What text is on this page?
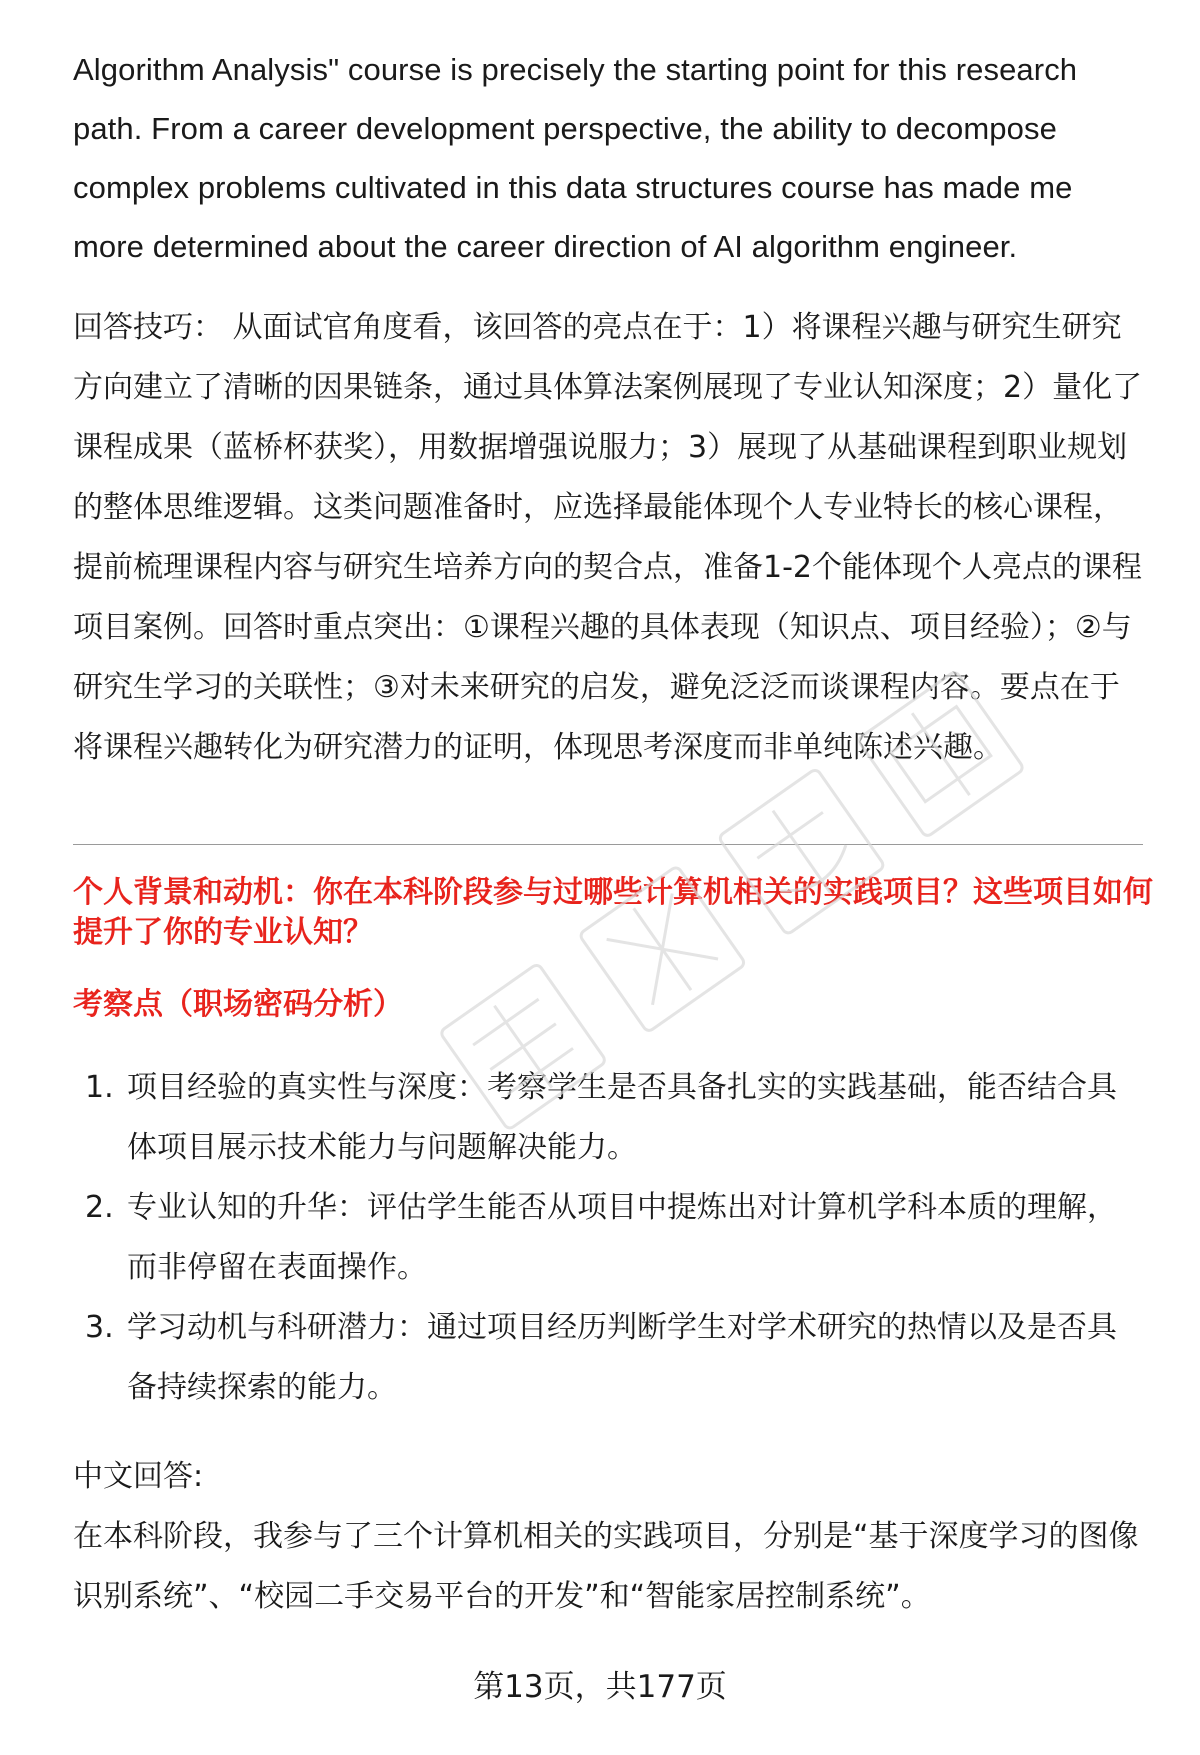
Algorithm Analysis" course is precisely the starting point for this research path. From a career development perspective, the ability to decompose complex problems cultivated in this data structures course has made me more determined about the career direction of AI algorithm engineer.

回答技巧： 从面试官角度看，该回答的亮点在于：1）将课程兴趣与研究生研究方向建立了清晰的因果链条，通过具体算法案例展现了专业认知深度；2）量化了课程成果（蓝桥杯获奖），用数据增强说服力；3）展现了从基础课程到职业规划的整体思维逻辑。这类问题准备时，应选择最能体现个人专业特长的核心课程，提前梳理课程内容与研究生培养方向的契合点，准备1-2个能体现个人亮点的课程项目案例。回答时重点突出：①课程兴趣的具体表现（知识点、项目经验）；②与研究生学习的关联性；③对未来研究的启发，避免泛泛而谈课程内容。要点在于将课程兴趣转化为研究潜力的证明，体现思考深度而非单纯陈述兴趣。

个人背景和动机：你在本科阶段参与过哪些计算机相关的实践项目？这些项目如何提升了你的专业认知？

考察点（职场密码分析）

1. 项目经验的真实性与深度：考察学生是否具备扎实的实践基础，能否结合具体项目展示技术能力与问题解决能力。
2. 专业认知的升华：评估学生能否从项目中提炼出对计算机学科本质的理解，而非停留在表面操作。
3. 学习动机与科研潜力：通过项目经历判断学生对学术研究的热情以及是否具备持续探索的能力。

中文回答:

在本科阶段，我参与了三个计算机相关的实践项目，分别是“基于深度学习的图像识别系统”、“校园二手交易平台的开发”和“智能家居控制系统”。

第13页，共177页
